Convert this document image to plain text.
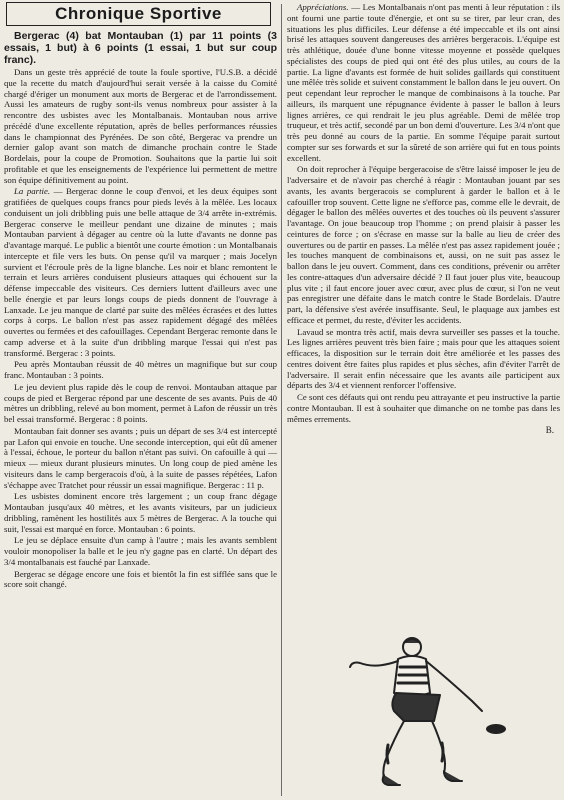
Chronique Sportive
Bergerac (4) bat Montauban (1) par 11 points (3 essais, 1 but) à 6 points (1 essai, 1 but sur coup franc).

Dans un geste très apprécié de toute la foule sportive, l'U.S.B. a décidé que la recette du match d'aujourd'hui serait versée à la caisse du Comité chargé d'ériger un monument aux morts de Bergerac et de l'arrondissement. Aussi les amateurs de rugby sont-ils venus nombreux pour assister à la rencontre des usbistes avec les Montalbanais. Montauban nous arrive précédé d'une excellente réputation, après de belles performances réussies dans le championnat des Pyrénées. De son côté, Bergerac va prendre un dernier galop avant son match de dimanche prochain contre le Stade Bordelais, pour la coupe de Promotion. Souhaitons que la partie lui soit profitable et que les enseignements de l'expérience lui permettent de mettre son équipe définitivement au point.

La partie. — Bergerac donne le coup d'envoi, et les deux équipes sont gratifiées de quelques coups francs pour pieds levés à la mêlée. Les locaux conduisent un joli dribbling puis une belle attaque de 3/4 arrête in-extrémis. Bergerac conserve le meilleur pendant une dizaine de minutes ; mais Montauban parvient à dégager au centre où la lutte d'avants ne donne pas d'avantage marqué. Le public a bientôt une courte émotion : un Montalbanais intercepte et file vers les buts. On pense qu'il va marquer ; mais Jocelyn survient et l'écroule près de la ligne blanche. Les noir et blanc remontent le terrain et leurs arrières conduisent plusieurs attaques qui échouent sur la défense impeccable des visiteurs. Ces derniers luttent d'ailleurs avec une belle énergie et par leurs longs coups de pieds donnent de l'ouvrage à Lanxade. Le jeu manque de clarté par suite des mêlées écrasées et des luttes corps à corps. Le ballon n'est pas assez rapidement dégagé des mêlées ouvertes ou fermées et des cafouillages. Cependant Bergerac remonte dans le camp adverse et à la suite d'un dribbling marque l'essai qui n'est pas transformé. Bergerac : 3 points.

Peu après Montauban réussit de 40 mètres un magnifique but sur coup franc. Montauban : 3 points.

Le jeu devient plus rapide dès le coup de renvoi. Montauban attaque par coups de pied et Bergerac répond par une descente de ses avants. Puis de 40 mètres un dribbling, relevé au bon moment, permet à Lafon de réussir un très bel essai transformé. Bergerac : 8 points.

Montauban fait donner ses avants ; puis un départ de ses 3/4 est intercepté par Lafon qui envoie en touche. Une seconde interception, qui eût dû amener à l'essai, échoue, le porteur du ballon n'étant pas suivi. On cafouille à qui — mieux — mieux durant plusieurs minutes. Un long coup de pied amène les visiteurs dans le camp bergeracois d'où, à la suite de passes répétées, Lafon s'échappe avec Tratchet pour réussir un essai magnifique. Bergerac : 11 p.

Les usbistes dominent encore très largement ; un coup franc dégage Montauban jusqu'aux 40 mètres, et les avants visiteurs, par un judicieux dribbling, ramènent les hostilités aux 5 mètres de Bergerac. A la touche qui suit, l'essai est marqué en force. Montauban : 6 points.

Le jeu se déplace ensuite d'un camp à l'autre ; mais les avants semblent vouloir monopoliser la balle et le jeu n'y gagne pas en clarté. Un départ des 3/4 montalbanais est fauché par Lanxade.

Bergerac se dégage encore une fois et bientôt la fin est sifflée sans que le score soit changé.

Appréciations. — Les Montalbanais n'ont pas menti à leur réputation : ils ont fourni une partie toute d'énergie, et ont su se tirer, par leur cran, des situations les plus difficiles. Leur défense a été impeccable et ils ont ainsi brisé les attaques souvent dangereuses des arrières bergeracois. L'équipe est très athlétique, douée d'une bonne vitesse moyenne et possède quelques spécialistes des coups de pied qui ont été des plus utiles, au cours de la partie. La ligne d'avants est formée de huit solides gaillards qui constituent une mêlée très solide et suivent constamment le ballon dans le jeu ouvert. On peut cependant leur reprocher le manque de combinaisons à la touche. Par ailleurs, ils marquent une répugnance évidente à passer le ballon à leurs lignes arrières, ce qui rendrait le jeu plus agréable. Demi de mêlée trop truqueur, et très actif, secondé par un bon demi d'ouverture. Les 3/4 n'ont que très peu donné au cours de la partie. En somme l'équipe parait surtout compter sur ses forwards et sur la sûreté de son arrière qui fut en tous points excellent.

On doit reprocher à l'équipe bergeracoise de s'être laissé imposer le jeu de l'adversaire et de n'avoir pas cherché à réagir : Montauban jouant par ses avants, les avants bergeracois se complurent à garder le ballon et à le cafouiller trop souvent. Cette ligne ne s'efforce pas, comme elle le devrait, de dégager le ballon des mêlées ouvertes et des touches où ils peuvent s'assurer l'avantage. On joue beaucoup trop l'homme ; on prend plaisir à passer les ceintures de force ; on s'écrase en masse sur la balle au lieu de créer des ouvertures ou de partir en passes. La mêlée n'est pas assez rapidement jouée ; les touches manquent de combinaisons et, aussi, on ne suit pas assez le ballon dans le jeu ouvert. Comment, dans ces conditions, prévenir ou arrêter les contre-attaques d'un adversaire décidé ? Il faut jouer plus vite, beaucoup plus vite ; il faut encore jouer avec cœur, avec plus de cœur, si l'on ne veut pas enregistrer une défaite dans le match contre le Stade Bordelais. D'autre part, la défensive s'est avérée insuffisante. Seul, le plaquage aux jambes est efficace et permet, du reste, d'éviter les accidents.

Lavaud se montra très actif, mais devra surveiller ses passes et la touche. Les lignes arrières peuvent très bien faire ; mais pour que les attaques soient efficaces, la disposition sur le terrain doit être améliorée et les passes des centres doivent être faites plus rapides et plus sèches, afin d'éviter l'arrêt de l'adversaire. Il serait enfin nécessaire que les avants aile participent aux départs des 3/4 et viennent renforcer l'offensive.

Ce sont ces défauts qui ont rendu peu attrayante et peu instructive la partie contre Montauban. Il est à souhaiter que dimanche on ne tombe pas dans les mêmes errements.

B.
